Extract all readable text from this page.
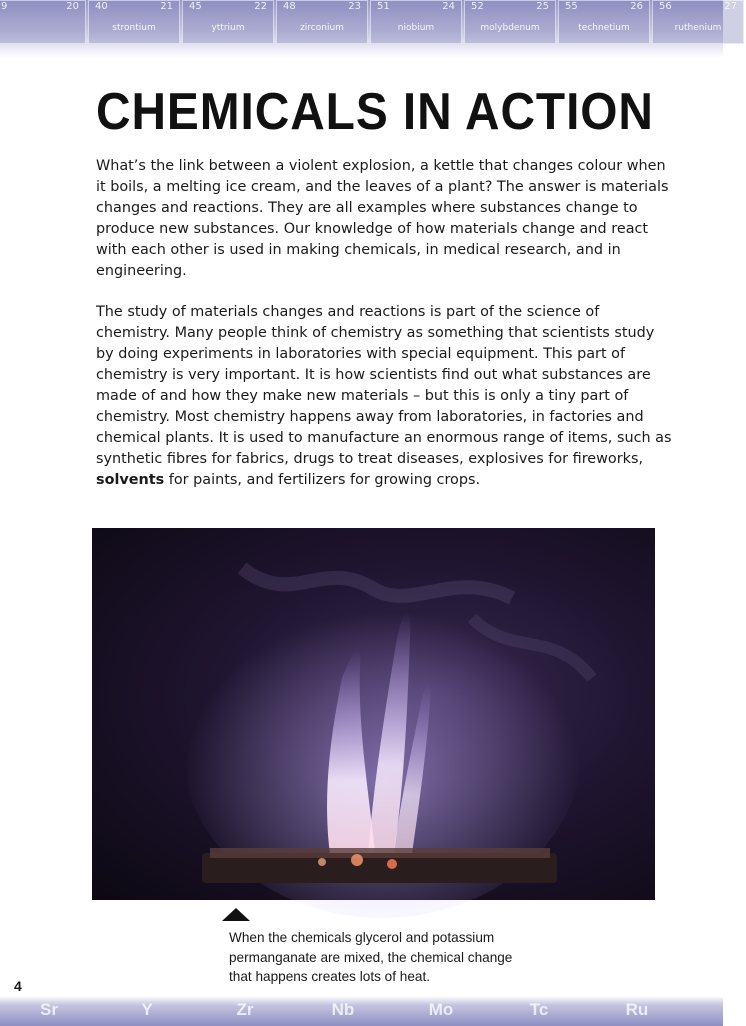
9	20 40	21
strontium
45	22
yttrium
48	23
zirconium
51	24
niobium
52	25
molybdenum
55	26
technetium
56	27
ruthenium
CHEMICALS IN ACTION

What’s the link between a violent explosion, a kettle that changes colour when it boils, a melting ice cream, and the leaves of a plant? The answer is materials changes and reactions. They are all examples where substances change to produce new substances. Our knowledge of how materials change and react with each other is used in making chemicals, in medical research, and in engineering.

The study of materials changes and reactions is part of the science of chemistry. Many people think of chemistry as something that scientists study by doing experiments in laboratories with special equipment. This part of chemistry is very important. It is how scientists find out what substances are made of and how they make new materials – but this is only a tiny part of chemistry. Most chemistry happens away from laboratories, in factories and chemical plants. It is used to manufacture an enormous range of items, such as synthetic fibres for fabrics, drugs to treat diseases, explosives for fireworks, solvents for paints, and fertilizers for growing crops.

When the chemicals glycerol and potassium permanganate are mixed, the chemical change that happens creates lots of heat.

4
Sr	Y	Zr	Nb	Mo	Tc	Ru
